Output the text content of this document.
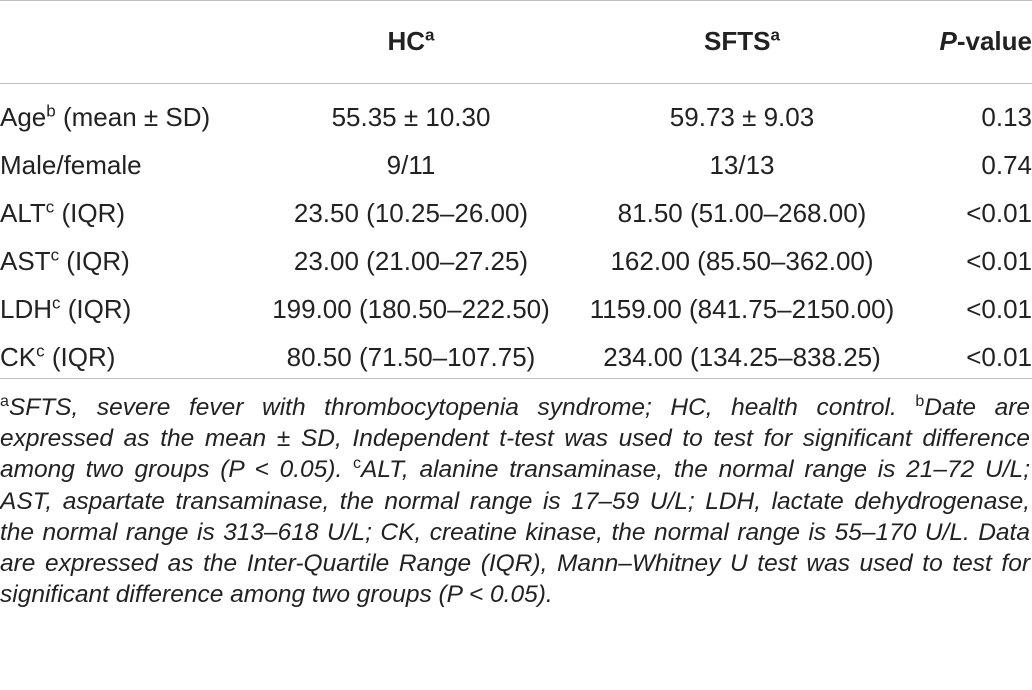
	$HC^a$	SFTS$^a$	P-value
Age$^b$ (mean ± SD)	55.35 ± 10.30	59.73 ± 9.03	0.13
Male/female	9/11	13/13	0.74
ALT$^c$ (IQR)	23.50 (10.25–26.00)	81.50 (51.00–268.00)	<0.01
AST$^c$ (IQR)	23.00 (21.00–27.25)	162.00 (85.50–362.00)	<0.01
LDH$^c$ (IQR)	199.00 (180.50–222.50)	1159.00 (841.75–2150.00)	<0.01
$CK^c$ (IQR)	80.50 (71.50–107.75)	234.00 (134.25–838.25)	<0.01
$^a$SFTS, severe fever with thrombocytopenia syndrome; HC, health control. $^b$Date are expressed as the mean ± SD, Independent t-test was used to test for significant difference among two groups (P < 0.05). $^c$ALT, alanine transaminase, the normal range is 21–72 U/L; AST, aspartate transaminase, the normal range is 17–59 U/L; LDH, lactate dehydrogenase, the normal range is 313–618 U/L; CK, creatine kinase, the normal range is 55–170 U/L. Data are expressed as the Inter-Quartile Range (IQR), Mann–Whitney U test was used to test for significant difference among two groups (P < 0.05).
